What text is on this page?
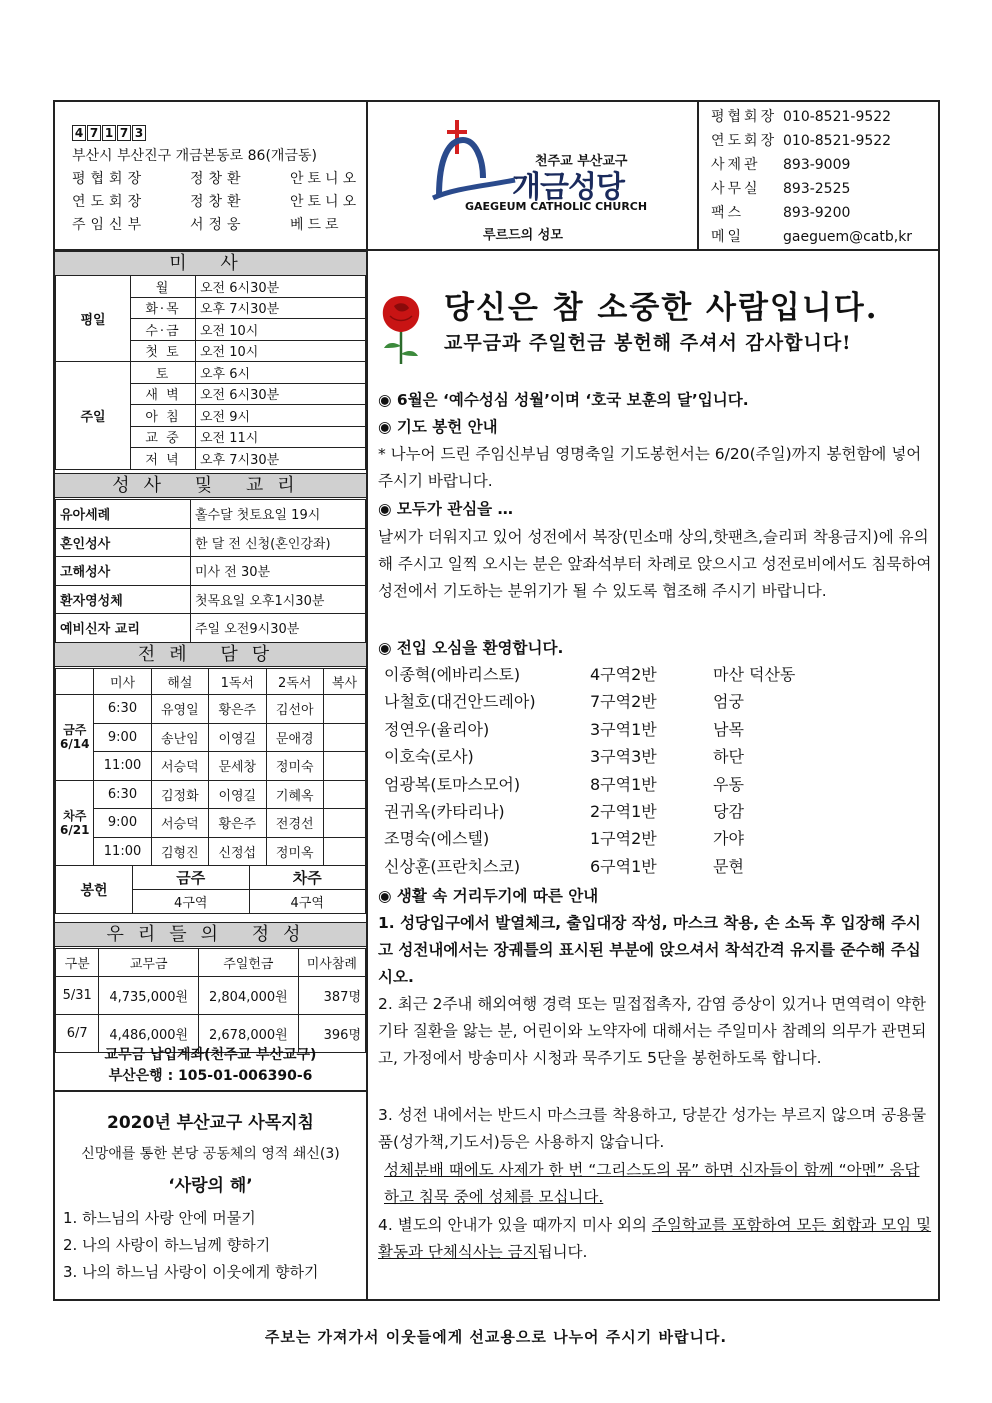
4 7 1 7 3
부산시 부산진구 개금본동로 86(개금동)
평협회장	정창환	안토니오
연도회장	정창환	안토니오
주임신부	서정웅	베드로
천주교 부산교구
개금성당
GAEGEUM CATHOLIC CHURCH
루르드의 성모
평협회장 010-8521-9522
연도회장 010-8521-9522
사제관	893-9009
사무실	893-2525
팩스	893-9200
메일	gaeguem@catb,kr
미 사
평일	월	오전 6시30분
	화·목	오후 7시30분
	수·금	오전 10시
	첫 토	오전 10시
주일	토	오후 6시
	새 벽	오전 6시30분
	아 침	오전 9시
	교 중	오전 11시
	저 녁	오후 7시30분
성사 및 교리
유아세례	홀수달 첫토요일 19시
혼인성사	한 달 전 신청(혼인강좌)
고해성사	미사 전 30분
환자영성체	첫목요일 오후1시30분
예비신자 교리	주일 오전9시30분
전례 담당
	미사	해설	1독서	2독서	복사
금주 6/14	6:30	유영일	황은주	김선아	
	9:00	송난임	이영길	문애경	
	11:00	서승덕	문세창	정미숙	
차주 6/21	6:30	김정화	이영길	기혜옥	
	9:00	서승덕	황은주	전경선	
	11:00	김형진	신정섭	정미옥	
봉헌	금주	차주
	4구역	4구역
우리들의 정성
구분	교무금	주일헌금	미사참례
5/31	4,735,000원	2,804,000원	387명
6/7	4,486,000원	2,678,000원	396명
교무금 납입계좌(천주교 부산교구)
부산은행 : 105-01-006390-6
2020년 부산교구 사목지침
신망애를 통한 본당 공동체의 영적 쇄신(3)
‘사랑의 해’
1. 하느님의 사랑 안에 머물기
2. 나의 사랑이 하느님께 향하기
3. 나의 하느님 사랑이 이웃에게 향하기
당신은 참 소중한 사람입니다.
교무금과 주일헌금 봉헌해 주셔서 감사합니다!
◉ 6월은 ‘예수성심 성월’이며 ‘호국 보훈의 달’입니다.
◉ 기도 봉헌 안내
* 나누어 드린 주임신부님 영명축일 기도봉헌서는 6/20(주일)까지 봉헌함에 넣어주시기 바랍니다.
◉ 모두가 관심을 …
날씨가 더워지고 있어 성전에서 복장(민소매 상의,핫팬츠,슬리퍼 착용금지)에 유의해 주시고 일찍 오시는 분은 앞좌석부터 차례로 앉으시고 성전로비에서도 침묵하여 성전에서 기도하는 분위기가 될 수 있도록 협조해 주시기 바랍니다.
◉ 전입 오심을 환영합니다.
이종혁(에바리스토)	4구역2반	마산 덕산동
나철호(대건안드레아)	7구역2반	엄궁
정연우(율리아)	3구역1반	남목
이호숙(로사)	3구역3반	하단
엄광복(토마스모어)	8구역1반	우동
권귀옥(카타리나)	2구역1반	당감
조명숙(에스텔)	1구역2반	가야
신상훈(프란치스코)	6구역1반	문현
◉ 생활 속 거리두기에 따른 안내
1. 성당입구에서 발열체크, 출입대장 작성, 마스크 착용, 손 소독 후 입장해 주시고 성전내에서는 장궤틀의 표시된 부분에 앉으셔서 착석간격 유지를 준수해 주십시오.
2. 최근 2주내 해외여행 경력 또는 밀접접촉자, 감염 증상이 있거나 면역력이 약한 기타 질환을 앓는 분, 어린이와 노약자에 대해서는 주일미사 참례의 의무가 관면되고, 가정에서 방송미사 시청과 묵주기도 5단을 봉헌하도록 합니다.
3. 성전 내에서는 반드시 마스크를 착용하고, 당분간 성가는 부르지 않으며 공용물품(성가책,기도서)등은 사용하지 않습니다.
성체분배 때에도 사제가 한 번 “그리스도의 몸” 하면 신자들이 함께 “아멘” 응답하고 침묵 중에 성체를 모십니다.
4. 별도의 안내가 있을 때까지 미사 외의 주일학교를 포함하여 모든 회합과 모임 및 활동과 단체식사는 금지됩니다.
주보는 가져가서 이웃들에게 선교용으로 나누어 주시기 바랍니다.
